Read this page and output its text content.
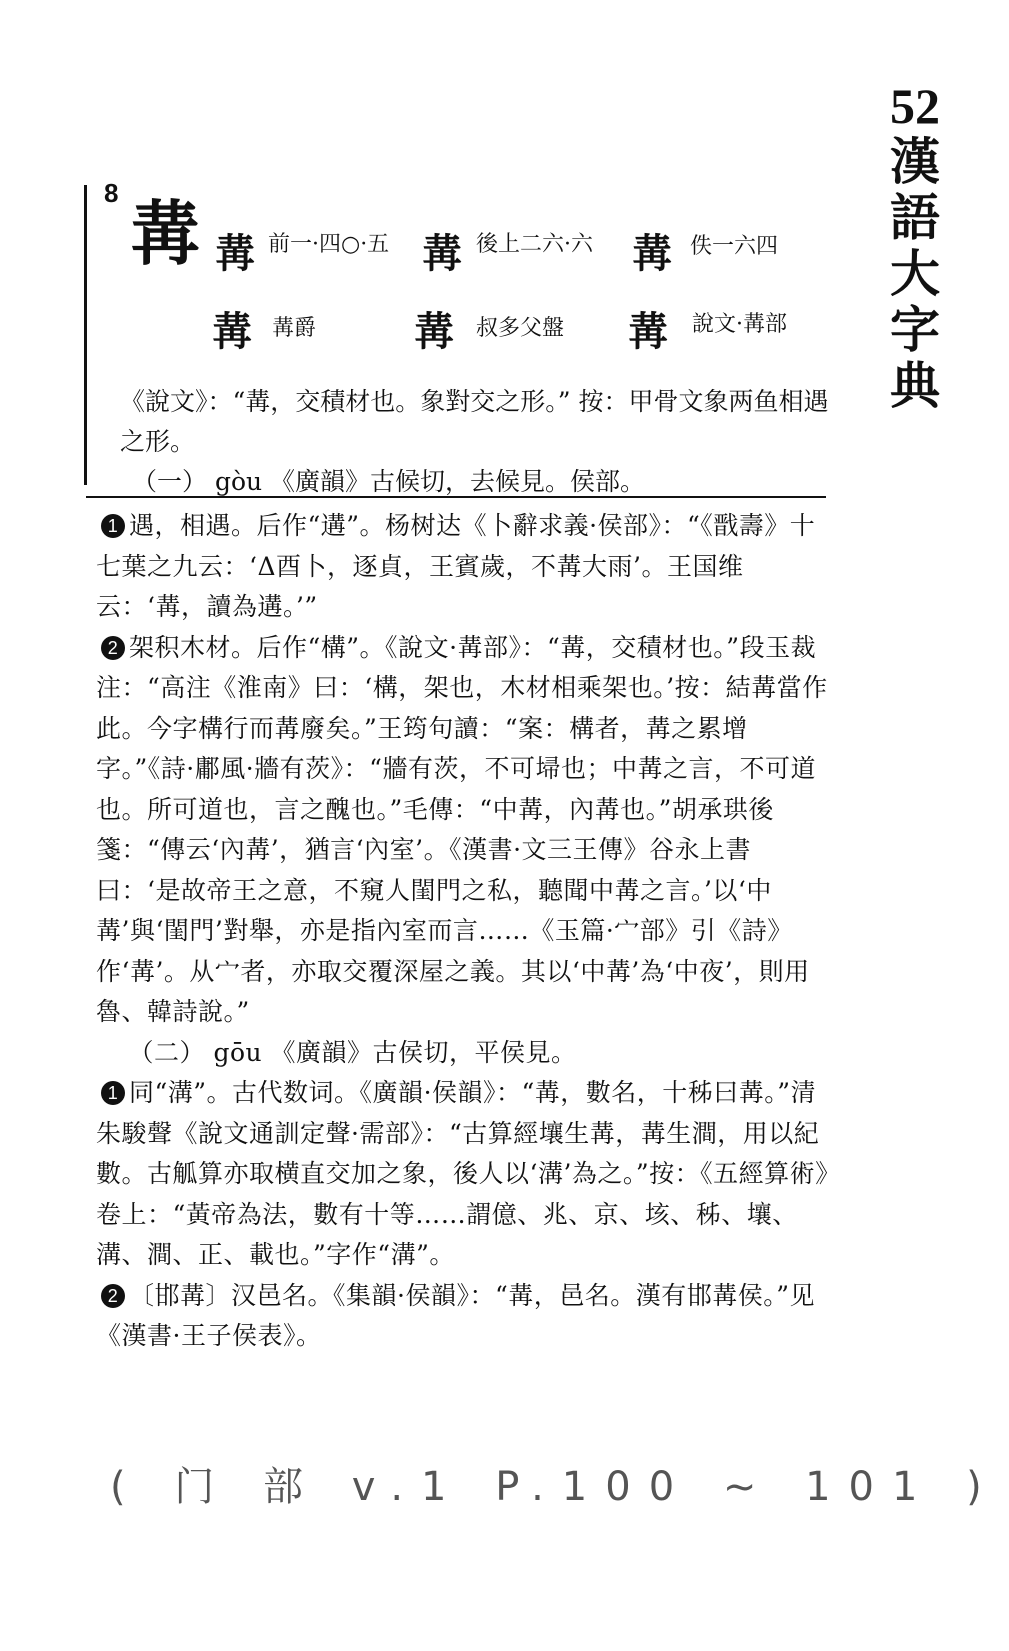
52
漢
語
大
字
典
8 冓 冓 前一·四○·五 冓 後上二六·六 冓 佚一六四
冓 冓爵 冓 叔多父盤 冓 說文·冓部
《說文》：“冓，交積材也。象對交之形。” 按：甲骨文象两鱼相遇之形。
（一） gòu 《廣韻》古候切，去候見。侯部。

1 遇，相遇。后作“遘”。杨树达《卜辭求義·侯部》：“《戬壽》十七葉之九云：‘Δ酉卜，逐貞，王賓歲，不冓大雨’。王国维云：‘冓，讀為遘。’”

2 架积木材。后作“構”。《說文·冓部》：“冓，交積材也。”段玉裁注：“高注《淮南》曰：‘構，架也，木材相乘架也。’按：結冓當作此。今字構行而冓廢矣。”王筠句讀：“案：構者，冓之累增字。”《詩·鄘風·牆有茨》：“牆有茨，不可埽也；中冓之言，不可道也。所可道也，言之醜也。”毛傳：“中冓，內冓也。”胡承珙後箋：“傳云‘內冓’，猶言‘內室’。《漢書·文三王傳》谷永上書曰：‘是故帝王之意，不窺人閨門之私，聽聞中冓之言。’以‘中冓’與‘閨門’對舉，亦是指內室而言……《玉篇·宀部》引《詩》作‘冓’。从宀者，亦取交覆深屋之義。其以‘中冓’為‘中夜’，則用魯、韓詩說。”

（二） gōu 《廣韻》古侯切，平侯見。

1 同“溝”。古代数词。《廣韻·侯韻》：“冓，數名，十秭曰冓。”清朱駿聲《說文通訓定聲·需部》：“古算經壤生冓，冓生澗，用以紀數。古觚算亦取横直交加之象，後人以‘溝’為之。”按：《五經算術》卷上：“黃帝為法，數有十等……謂億、兆、京、垓、秭、壤、溝、澗、正、載也。”字作“溝”。

2 〔邯冓〕汉邑名。《集韻·侯韻》：“冓，邑名。漢有邯冓侯。”见《漢書·王子侯表》。

( 门 部 v.1 P.100 ~ 101 )
